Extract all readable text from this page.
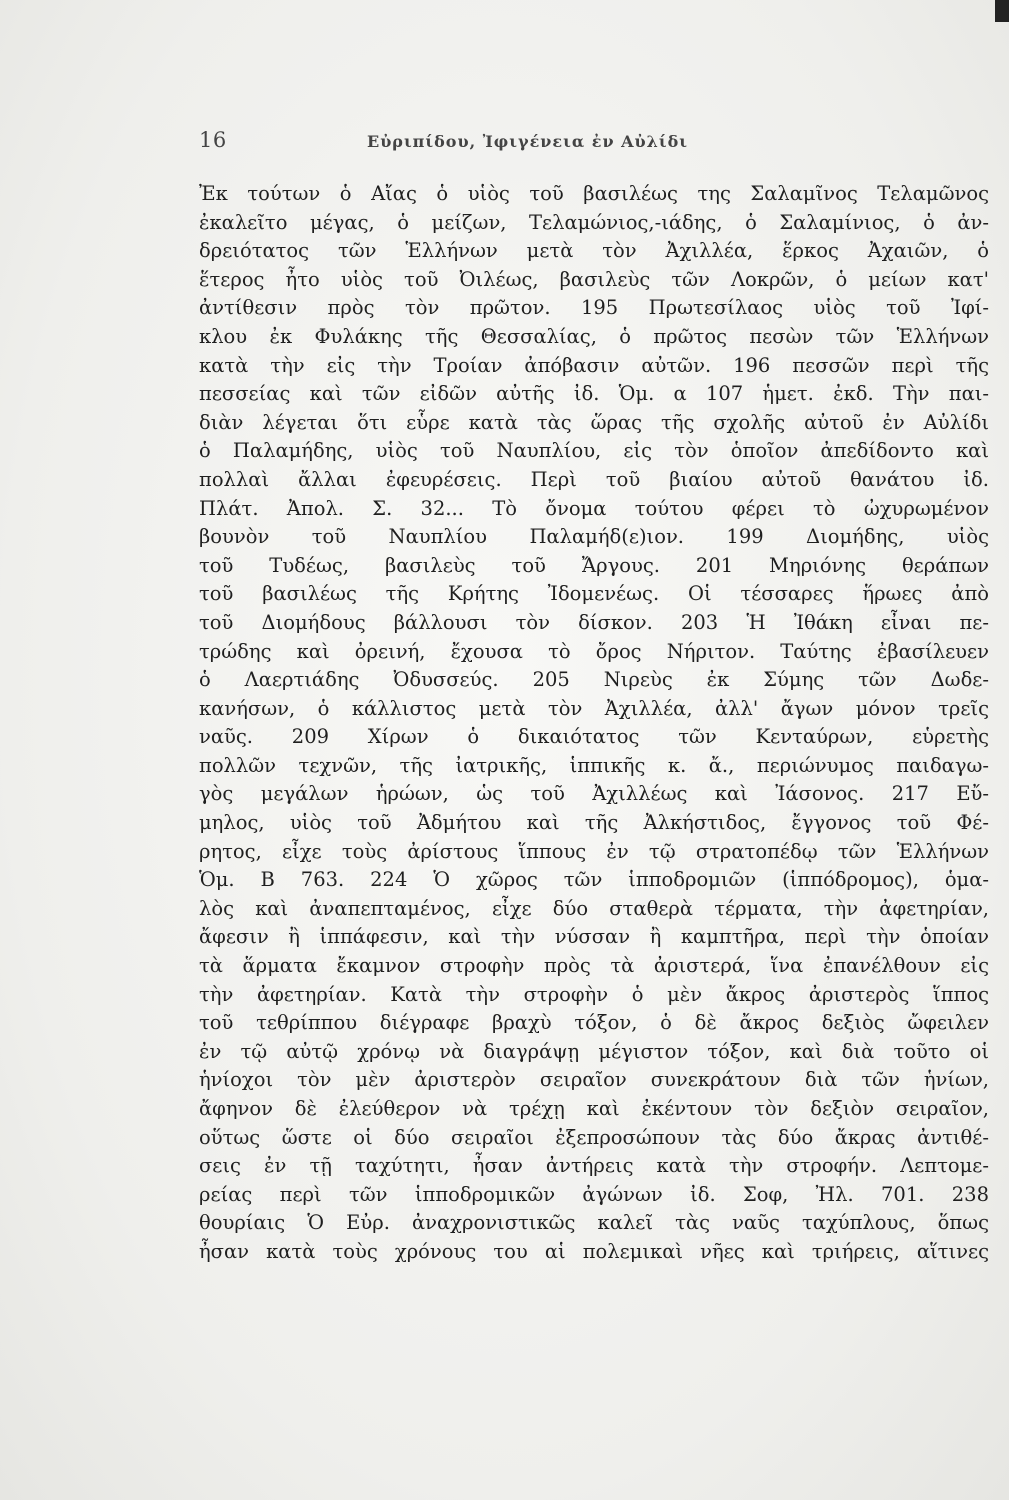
16	Εὐριπίδου, Ἰφιγένεια ἐν Αὐλίδι
Ἐκ τούτων ὁ Αἴας ὁ υἱὸς τοῦ βασιλέως της Σαλαμῖνος Τελαμῶνος
ἐκαλεῖτο μέγας, ὁ μείζων, Τελαμώνιος,-ιάδης, ὁ Σαλαμίνιος, ὁ ἀν-
δρειότατος τῶν Ἑλλήνων μετὰ τὸν Ἀχιλλέα, ἕρκος Ἀχαιῶν, ὁ
ἕτερος ἦτο υἱὸς τοῦ Ὀιλέως, βασιλεὺς τῶν Λοκρῶν, ὁ μείων κατ'
ἀντίθεσιν πρὸς τὸν πρῶτον. 195 Πρωτεσίλαος υἱὸς τοῦ Ἰφί-
κλου ἐκ Φυλάκης τῆς Θεσσαλίας, ὁ πρῶτος πεσὼν τῶν Ἑλλήνων
κατὰ τὴν εἰς τὴν Τροίαν ἀπόβασιν αὐτῶν. 196 πεσσῶν περὶ τῆς
πεσσείας καὶ τῶν εἰδῶν αὐτῆς ἰδ. Ὁμ. α 107 ἡμετ. ἐκδ. Τὴν παι-
διὰν λέγεται ὅτι εὗρε κατὰ τὰς ὥρας τῆς σχολῆς αὐτοῦ ἐν Αὐλίδι
ὁ Παλαμήδης, υἱὸς τοῦ Ναυπλίου, εἰς τὸν ὁποῖον ἀπεδίδοντο καὶ
πολλαὶ ἄλλαι ἐφευρέσεις. Περὶ τοῦ βιαίου αὐτοῦ θανάτου ἰδ.
Πλάτ. Ἀπολ. Σ. 32... Τὸ ὄνομα τούτου φέρει τὸ ὠχυρωμένον
βουνὸν τοῦ Ναυπλίου Παλαμήδ(ε)ιον. 199 Διομήδης, υἱὸς
τοῦ Τυδέως, βασιλεὺς τοῦ Ἄργους. 201 Μηριόνης θεράπων
τοῦ βασιλέως τῆς Κρήτης Ἰδομενέως. Οἱ τέσσαρες ἥρωες ἀπὸ
τοῦ Διομήδους βάλλουσι τὸν δίσκον. 203 Ἡ Ἰθάκη εἶναι πε-
τρώδης καὶ ὀρεινή, ἔχουσα τὸ ὄρος Νήριτον. Ταύτης ἐβασίλευεν
ὁ Λαερτιάδης Ὀδυσσεύς. 205 Νιρεὺς ἐκ Σύμης τῶν Δωδε-
κανήσων, ὁ κάλλιστος μετὰ τὸν Ἀχιλλέα, ἀλλ' ἄγων μόνον τρεῖς
ναῦς. 209 Χίρων ὁ δικαιότατος τῶν Κενταύρων, εὑρετὴς
πολλῶν τεχνῶν, τῆς ἰατρικῆς, ἱππικῆς κ. ἄ., περιώνυμος παιδαγω-
γὸς μεγάλων ἡρώων, ὡς τοῦ Ἀχιλλέως καὶ Ἰάσονος. 217 Εὔ-
μηλος, υἱὸς τοῦ Ἀδμήτου καὶ τῆς Ἀλκήστιδος, ἔγγονος τοῦ Φέ-
ρητος, εἶχε τοὺς ἀρίστους ἵππους ἐν τῷ στρατοπέδῳ τῶν Ἑλλήνων
Ὁμ. Β 763. 224 Ὁ χῶρος τῶν ἱπποδρομιῶν (ἱππόδρομος), ὁμα-
λὸς καὶ ἀναπεπταμένος, εἶχε δύο σταθερὰ τέρματα, τὴν ἀφετηρίαν,
ἄφεσιν ἢ ἱππάφεσιν, καὶ τὴν νύσσαν ἢ καμπτῆρα, περὶ τὴν ὁποίαν
τὰ ἅρματα ἔκαμνον στροφὴν πρὸς τὰ ἀριστερά, ἵνα ἐπανέλθουν εἰς
τὴν ἀφετηρίαν. Κατὰ τὴν στροφὴν ὁ μὲν ἄκρος ἀριστερὸς ἵππος
τοῦ τεθρίππου διέγραφε βραχὺ τόξον, ὁ δὲ ἄκρος δεξιὸς ὤφειλεν
ἐν τῷ αὐτῷ χρόνῳ νὰ διαγράψῃ μέγιστον τόξον, καὶ διὰ τοῦτο οἱ
ἡνίοχοι τὸν μὲν ἀριστερὸν σειραῖον συνεκράτουν διὰ τῶν ἡνίων,
ἄφηνον δὲ ἐλεύθερον νὰ τρέχῃ καὶ ἐκέντουν τὸν δεξιὸν σειραῖον,
οὕτως ὥστε οἱ δύο σειραῖοι ἐξεπροσώπουν τὰς δύο ἄκρας ἀντιθέ-
σεις ἐν τῇ ταχύτητι, ἦσαν ἀντήρεις κατὰ τὴν στροφήν. Λεπτομε-
ρείας περὶ τῶν ἱπποδρομικῶν ἀγώνων ἰδ. Σοφ, Ἠλ. 701. 238
θουρίαις Ὁ Εὐρ. ἀναχρονιστικῶς καλεῖ τὰς ναῦς ταχύπλους, ὅπως
ἦσαν κατὰ τοὺς χρόνους του αἱ πολεμικαὶ νῆες καὶ τριήρεις, αἵτινες
